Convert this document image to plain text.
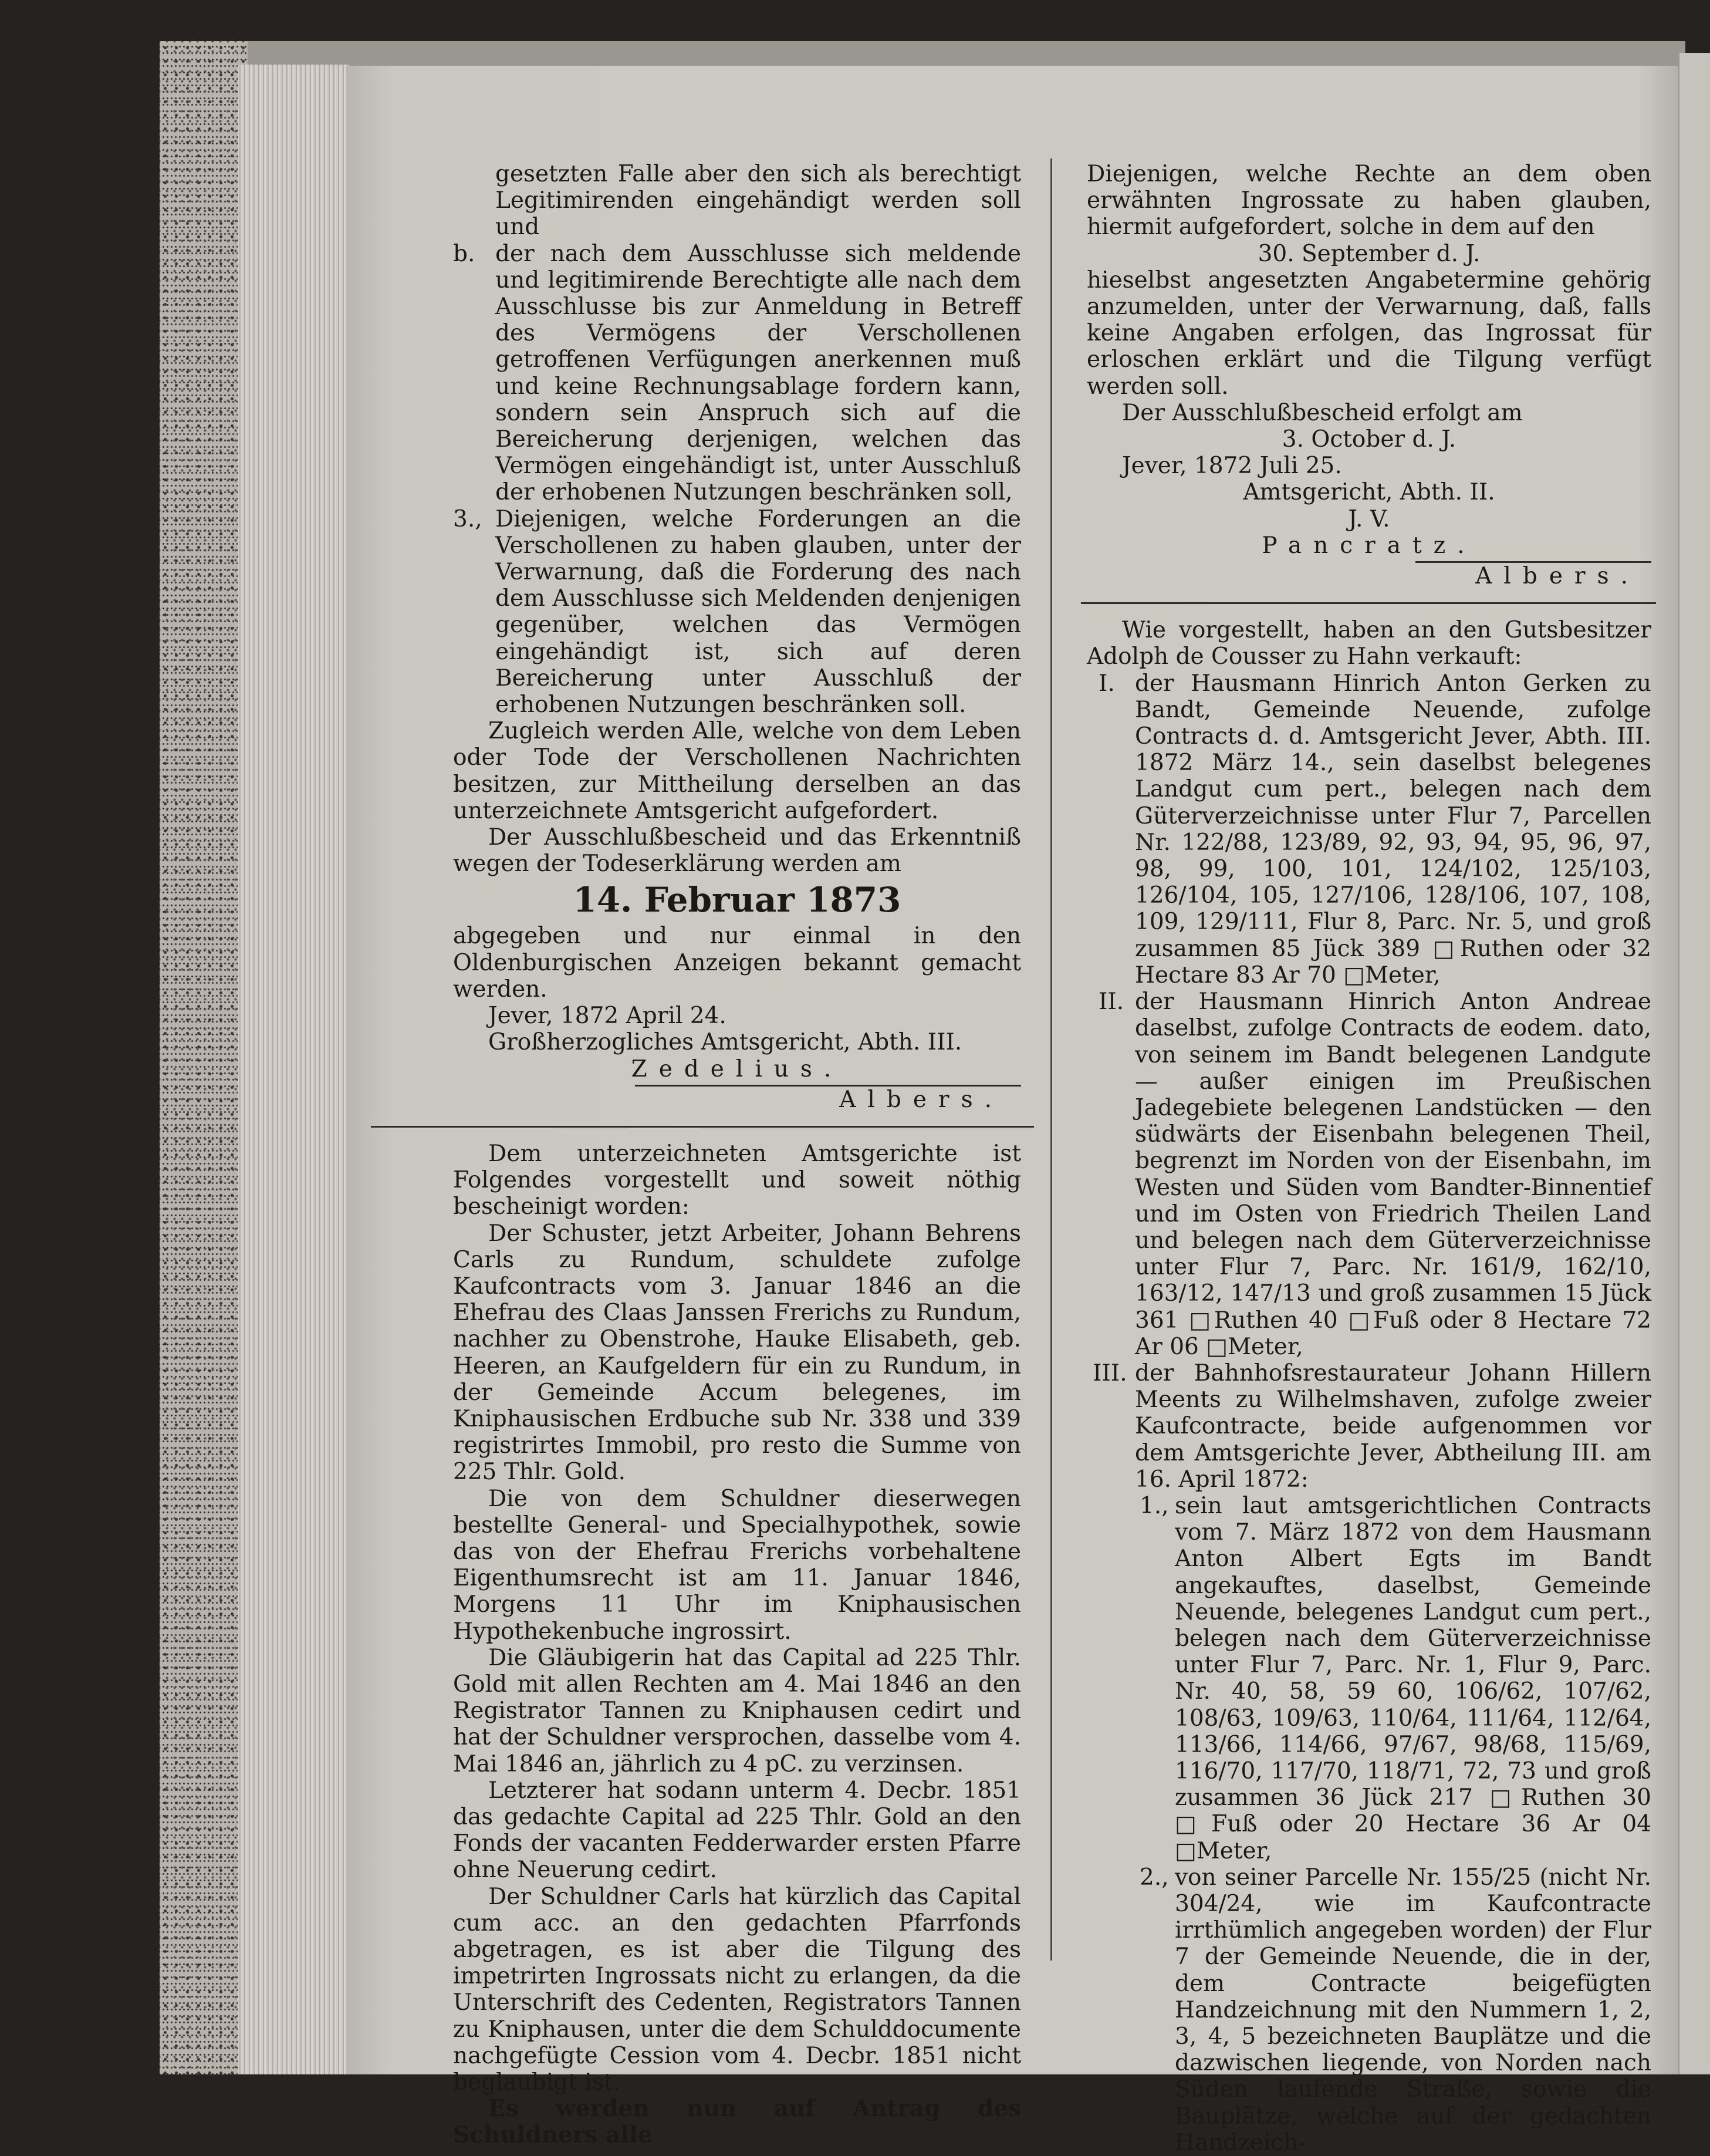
gesetzten Falle aber den sich als berechtigt Legitimirenden eingehändigt werden soll und

b. der nach dem Ausschlusse sich meldende und legitimirende Berechtigte alle nach dem Ausschlusse bis zur Anmeldung in Betreff des Vermögens der Verschollenen getroffenen Verfügungen anerkennen muß und keine Rechnungsablage fordern kann, sondern sein Anspruch sich auf die Bereicherung derjenigen, welchen das Vermögen eingehändigt ist, unter Ausschluß der erhobenen Nutzungen beschränken soll,

3., Diejenigen, welche Forderungen an die Verschollenen zu haben glauben, unter der Verwarnung, daß die Forderung des nach dem Ausschlusse sich Meldenden denjenigen gegenüber, welchen das Vermögen eingehändigt ist, sich auf deren Bereicherung unter Ausschluß der erhobenen Nutzungen beschränken soll.

Zugleich werden Alle, welche von dem Leben oder Tode der Verschollenen Nachrichten besitzen, zur Mittheilung derselben an das unterzeichnete Amtsgericht aufgefordert.

Der Ausschlußbescheid und das Erkenntniß wegen der Todeserklärung werden am

14. Februar 1873

abgegeben und nur einmal in den Oldenburgischen Anzeigen bekannt gemacht werden.

Jever, 1872 April 24.

Großherzogliches Amtsgericht, Abth. III.

Zedelius.

Albers.

Dem unterzeichneten Amtsgerichte ist Folgendes vorgestellt und soweit nöthig bescheinigt worden:

Der Schuster, jetzt Arbeiter, Johann Behrens Carls zu Rundum, schuldete zufolge Kaufcontracts vom 3. Januar 1846 an die Ehefrau des Claas Janssen Frerichs zu Rundum, nachher zu Obenstrohe, Hauke Elisabeth, geb. Heeren, an Kaufgeldern für ein zu Rundum, in der Gemeinde Accum belegenes, im Kniphausischen Erdbuche sub Nr. 338 und 339 registrirtes Immobil, pro resto die Summe von 225 Thlr. Gold.

Die von dem Schuldner dieserwegen bestellte General- und Specialhypothek, sowie das von der Ehefrau Frerichs vorbehaltene Eigenthumsrecht ist am 11. Januar 1846, Morgens 11 Uhr im Kniphausischen Hypothekenbuche ingrossirt.

Die Gläubigerin hat das Capital ad 225 Thlr. Gold mit allen Rechten am 4. Mai 1846 an den Registrator Tannen zu Kniphausen cedirt und hat der Schuldner versprochen, dasselbe vom 4. Mai 1846 an, jährlich zu 4 pC. zu verzinsen.

Letzterer hat sodann unterm 4. Decbr. 1851 das gedachte Capital ad 225 Thlr. Gold an den Fonds der vacanten Fedderwarder ersten Pfarre ohne Neuerung cedirt.

Der Schuldner Carls hat kürzlich das Capital cum acc. an den gedachten Pfarrfonds abgetragen, es ist aber die Tilgung des impetrirten Ingrossats nicht zu erlangen, da die Unterschrift des Cedenten, Registrators Tannen zu Kniphausen, unter die dem Schulddocumente nachgefügte Cession vom 4. Decbr. 1851 nicht beglaubigt ist.

Es werden nun auf Antrag des Schuldners alle

Diejenigen, welche Rechte an dem oben erwähnten Ingrossate zu haben glauben, hiermit aufgefordert, solche in dem auf den

30. September d. J.

hieselbst angesetzten Angabetermine gehörig anzumelden, unter der Verwarnung, daß, falls keine Angaben erfolgen, das Ingrossat für erloschen erklärt und die Tilgung verfügt werden soll.

Der Ausschlußbescheid erfolgt am

3. October d. J.

Jever, 1872 Juli 25.

Amtsgericht, Abth. II.

J. V.

Pancratz.

Albers.

Wie vorgestellt, haben an den Gutsbesitzer Adolph de Cousser zu Hahn verkauft:

I. der Hausmann Hinrich Anton Gerken zu Bandt, Gemeinde Neuende, zufolge Contracts d. d. Amtsgericht Jever, Abth. III. 1872 März 14., sein daselbst belegenes Landgut cum pert., belegen nach dem Güterverzeichnisse unter Flur 7, Parcellen Nr. 122/88, 123/89, 92, 93, 94, 95, 96, 97, 98, 99, 100, 101, 124/102, 125/103, 126/104, 105, 127/106, 128/106, 107, 108, 109, 129/111, Flur 8, Parc. Nr. 5, und groß zusammen 85 Jück 389 □Ruthen oder 32 Hectare 83 Ar 70 □Meter,

II. der Hausmann Hinrich Anton Andreae daselbst, zufolge Contracts de eodem. dato, von seinem im Bandt belegenen Landgute — außer einigen im Preußischen Jadegebiete belegenen Landstücken — den südwärts der Eisenbahn belegenen Theil, begrenzt im Norden von der Eisenbahn, im Westen und Süden vom Bandter-Binnentief und im Osten von Friedrich Theilen Land und belegen nach dem Güterverzeichnisse unter Flur 7, Parc. Nr. 161/9, 162/10, 163/12, 147/13 und groß zusammen 15 Jück 361 □Ruthen 40 □Fuß oder 8 Hectare 72 Ar 06 □Meter,

III. der Bahnhofsrestaurateur Johann Hillern Meents zu Wilhelmshaven, zufolge zweier Kaufcontracte, beide aufgenommen vor dem Amtsgerichte Jever, Abtheilung III. am 16. April 1872:

1., sein laut amtsgerichtlichen Contracts vom 7. März 1872 von dem Hausmann Anton Albert Egts im Bandt angekauftes, daselbst, Gemeinde Neuende, belegenes Landgut cum pert., belegen nach dem Güterverzeichnisse unter Flur 7, Parc. Nr. 1, Flur 9, Parc. Nr. 40, 58, 59 60, 106/62, 107/62, 108/63, 109/63, 110/64, 111/64, 112/64, 113/66, 114/66, 97/67, 98/68, 115/69, 116/70, 117/70, 118/71, 72, 73 und groß zusammen 36 Jück 217 □Ruthen 30 □Fuß oder 20 Hectare 36 Ar 04 □Meter,

2., von seiner Parcelle Nr. 155/25 (nicht Nr. 304/24, wie im Kaufcontracte irrthümlich angegeben worden) der Flur 7 der Gemeinde Neuende, die in der, dem Contracte beigefügten Handzeichnung mit den Nummern 1, 2, 3, 4, 5 bezeichneten Bauplätze und die dazwischen liegende, von Norden nach Süden laufende Straße, sowie die Bauplätze, welche auf der gedachten Handzeich-
